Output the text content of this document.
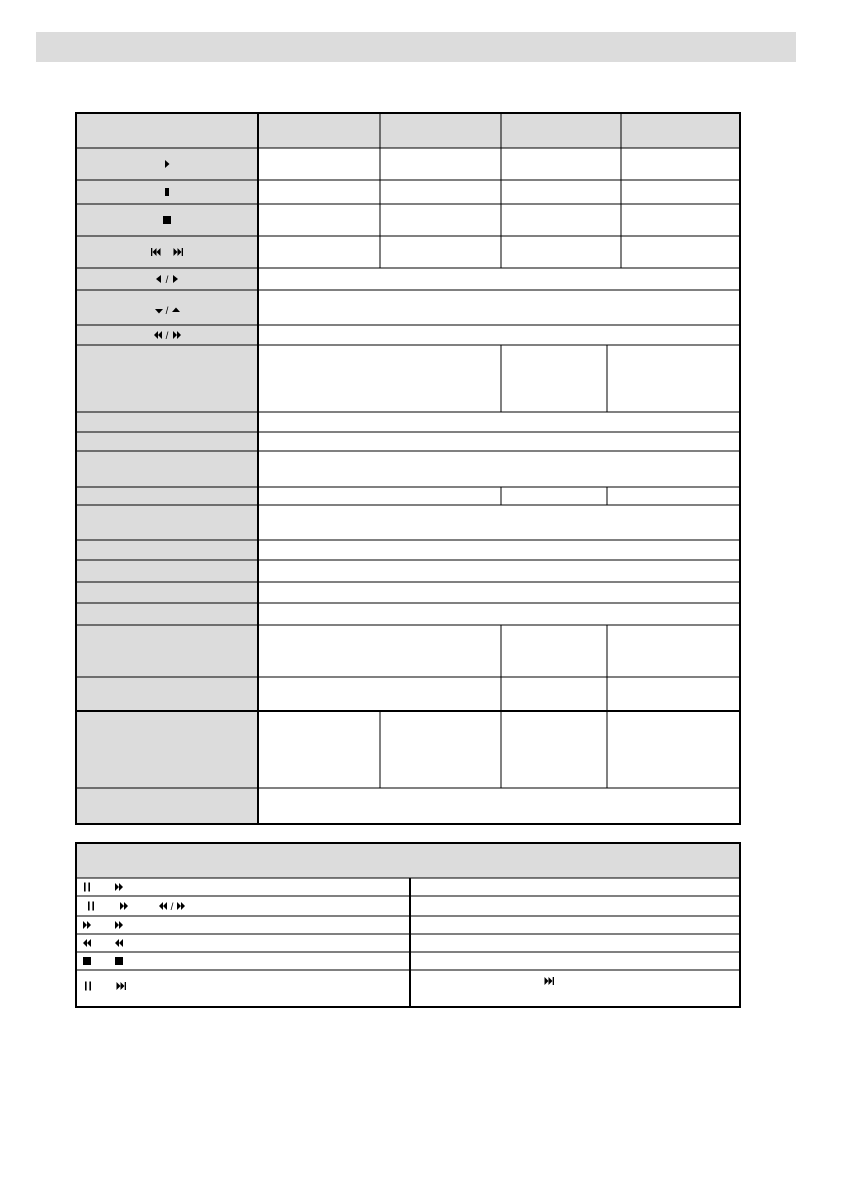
/
/
/
/
